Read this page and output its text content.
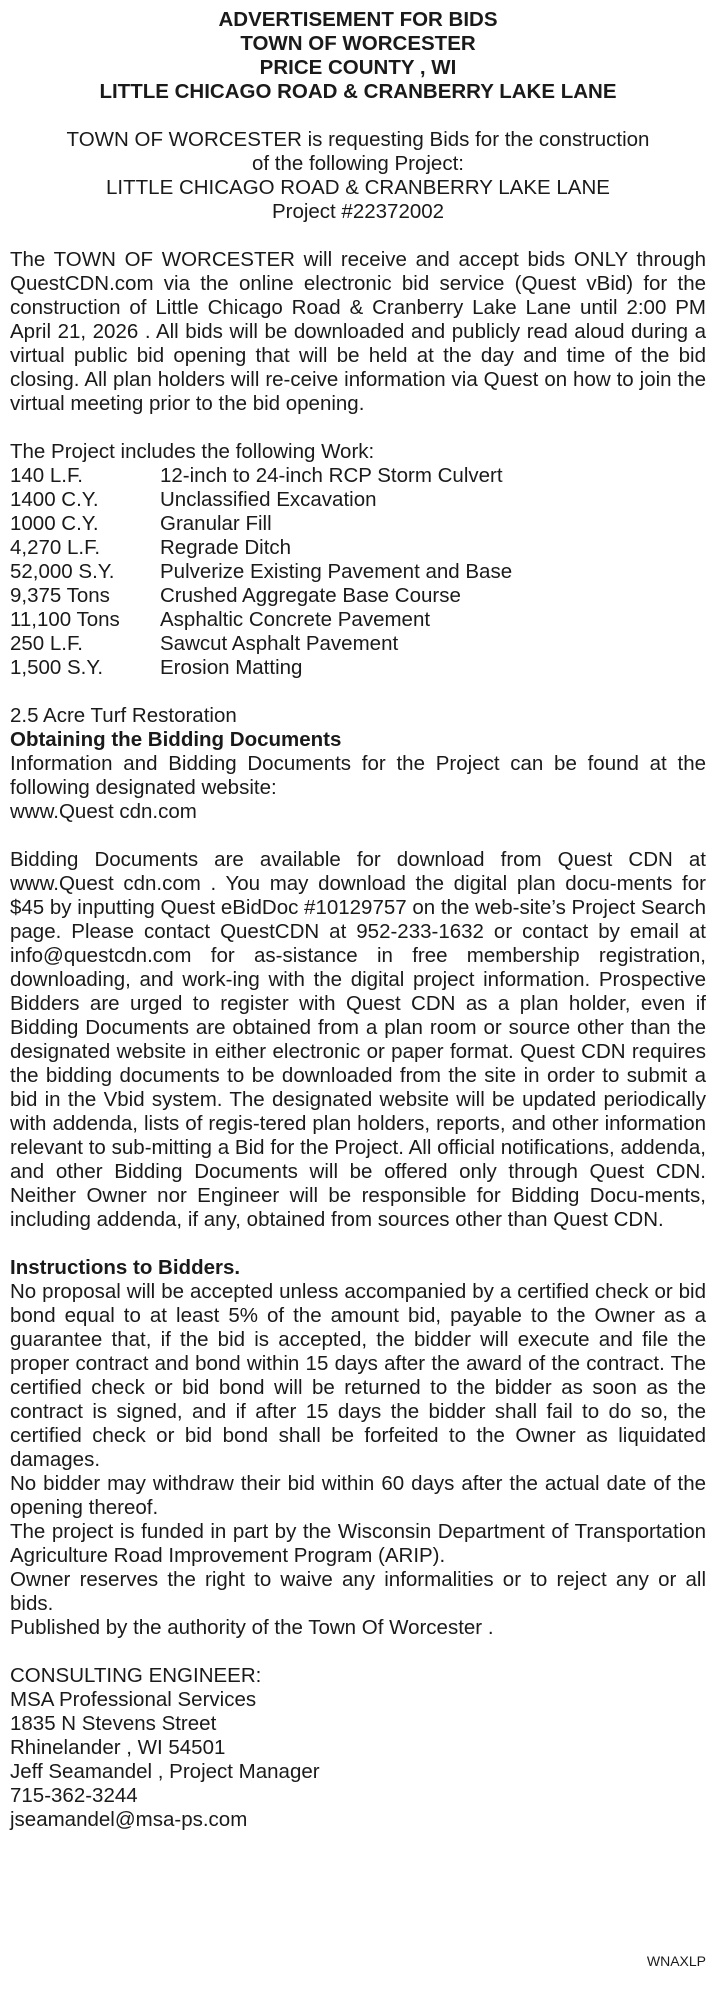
ADVERTISEMENT FOR BIDS
TOWN OF WORCESTER
PRICE COUNTY , WI
LITTLE CHICAGO ROAD & CRANBERRY LAKE LANE
TOWN OF WORCESTER is requesting Bids for the construction
of the following Project:
LITTLE CHICAGO ROAD & CRANBERRY LAKE LANE
Project #22372002
The TOWN OF WORCESTER will receive and accept bids ONLY through QuestCDN.com via the online electronic bid service (Quest vBid) for the construction of Little Chicago Road & Cranberry Lake Lane until 2:00 PM April 21, 2026 . All bids will be downloaded and publicly read aloud during a virtual public bid opening that will be held at the day and time of the bid closing. All plan holders will re-ceive information via Quest on how to join the virtual meeting prior to the bid opening.
The Project includes the following Work:
140 L.F.	12-inch to 24-inch RCP Storm Culvert
1400 C.Y.	Unclassified Excavation
1000 C.Y.	Granular Fill
4,270 L.F.	Regrade Ditch
52,000 S.Y.	Pulverize Existing Pavement and Base
9,375 Tons	Crushed Aggregate Base Course
11,100 Tons	Asphaltic Concrete Pavement
250 L.F.	Sawcut Asphalt Pavement
1,500 S.Y.	Erosion Matting
2.5 Acre Turf Restoration
Obtaining the Bidding Documents
Information and Bidding Documents for the Project can be found at the following designated website:
www.Quest cdn.com
Bidding Documents are available for download from Quest CDN at www.Quest cdn.com . You may download the digital plan docu-ments for $45 by inputting Quest eBidDoc #10129757 on the web-site’s Project Search page. Please contact QuestCDN at 952-233-1632 or contact by email at info@questcdn.com for as-sistance in free membership registration, downloading, and work-ing with the digital project information. Prospective Bidders are urged to register with Quest CDN as a plan holder, even if Bidding Documents are obtained from a plan room or source other than the designated website in either electronic or paper format. Quest CDN requires the bidding documents to be downloaded from the site in order to submit a bid in the Vbid system. The designated website will be updated periodically with addenda, lists of regis-tered plan holders, reports, and other information relevant to sub-mitting a Bid for the Project. All official notifications, addenda, and other Bidding Documents will be offered only through Quest CDN. Neither Owner nor Engineer will be responsible for Bidding Docu-ments, including addenda, if any, obtained from sources other than Quest CDN.
Instructions to Bidders.
No proposal will be accepted unless accompanied by a certified check or bid bond equal to at least 5% of the amount bid, payable to the Owner as a guarantee that, if the bid is accepted, the bidder will execute and file the proper contract and bond within 15 days after the award of the contract. The certified check or bid bond will be returned to the bidder as soon as the contract is signed, and if after 15 days the bidder shall fail to do so, the certified check or bid bond shall be forfeited to the Owner as liquidated damages.
No bidder may withdraw their bid within 60 days after the actual date of the opening thereof.
The project is funded in part by the Wisconsin Department of Transportation Agriculture Road Improvement Program (ARIP).
Owner reserves the right to waive any informalities or to reject any or all bids.
Published by the authority of the Town Of Worcester .
CONSULTING ENGINEER:
MSA Professional Services
1835 N Stevens Street
Rhinelander , WI 54501
Jeff Seamandel , Project Manager
715-362-3244
jseamandel@msa-ps.com
WNAXLP
